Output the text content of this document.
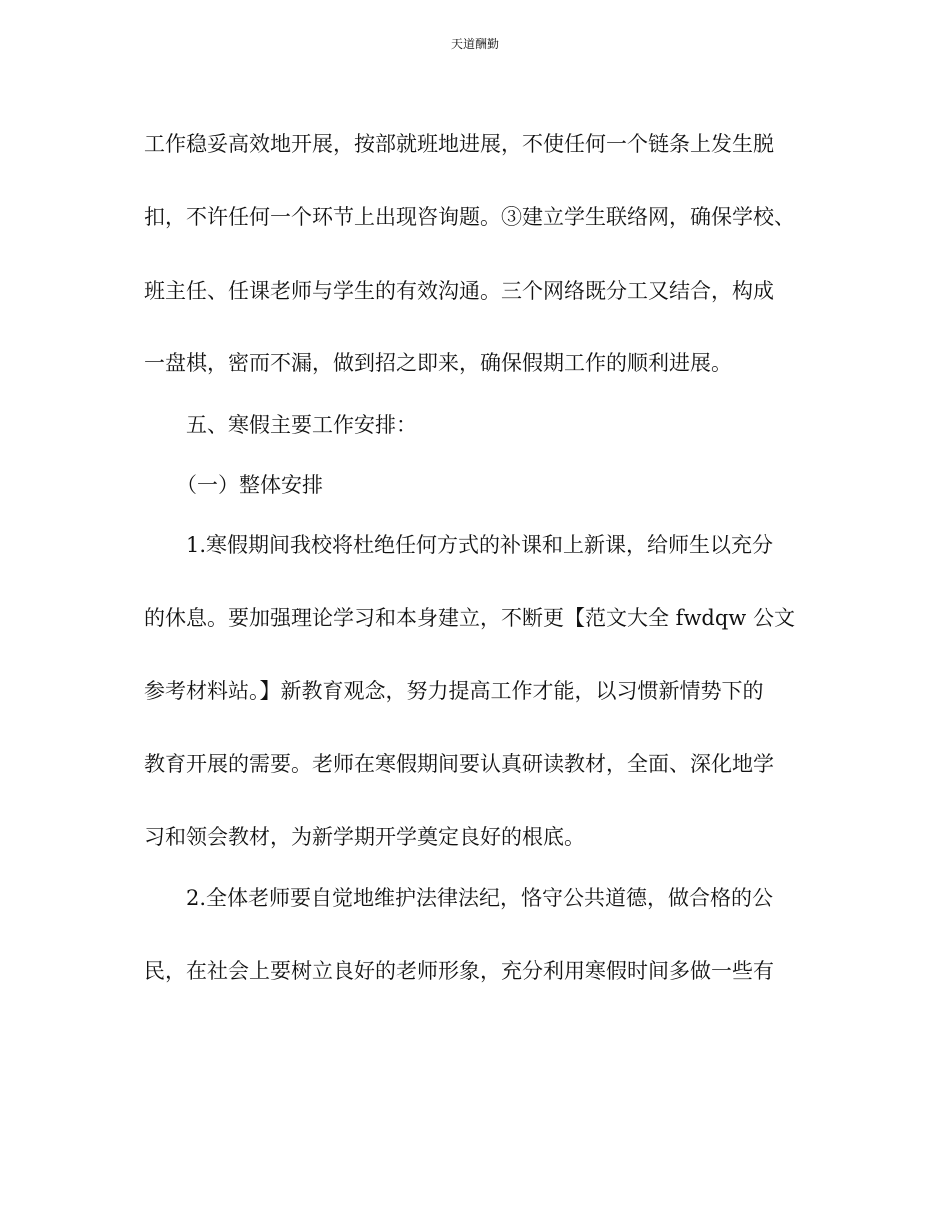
天道酬勤
工作稳妥高效地开展，按部就班地进展，不使任何一个链条上发生脱
扣，不许任何一个环节上出现咨询题。③建立学生联络网，确保学校、
班主任、任课老师与学生的有效沟通。三个网络既分工又结合，构成
一盘棋，密而不漏，做到招之即来，确保假期工作的顺利进展。
五、寒假主要工作安排：
（一）整体安排
1.寒假期间我校将杜绝任何方式的补课和上新课，给师生以充分
的休息。要加强理论学习和本身建立，不断更【范文大全 fwdqw 公文
参考材料站。】新教育观念，努力提高工作才能，以习惯新情势下的
教育开展的需要。老师在寒假期间要认真研读教材，全面、深化地学
习和领会教材，为新学期开学奠定良好的根底。
2.全体老师要自觉地维护法律法纪，恪守公共道德，做合格的公
民，在社会上要树立良好的老师形象，充分利用寒假时间多做一些有
